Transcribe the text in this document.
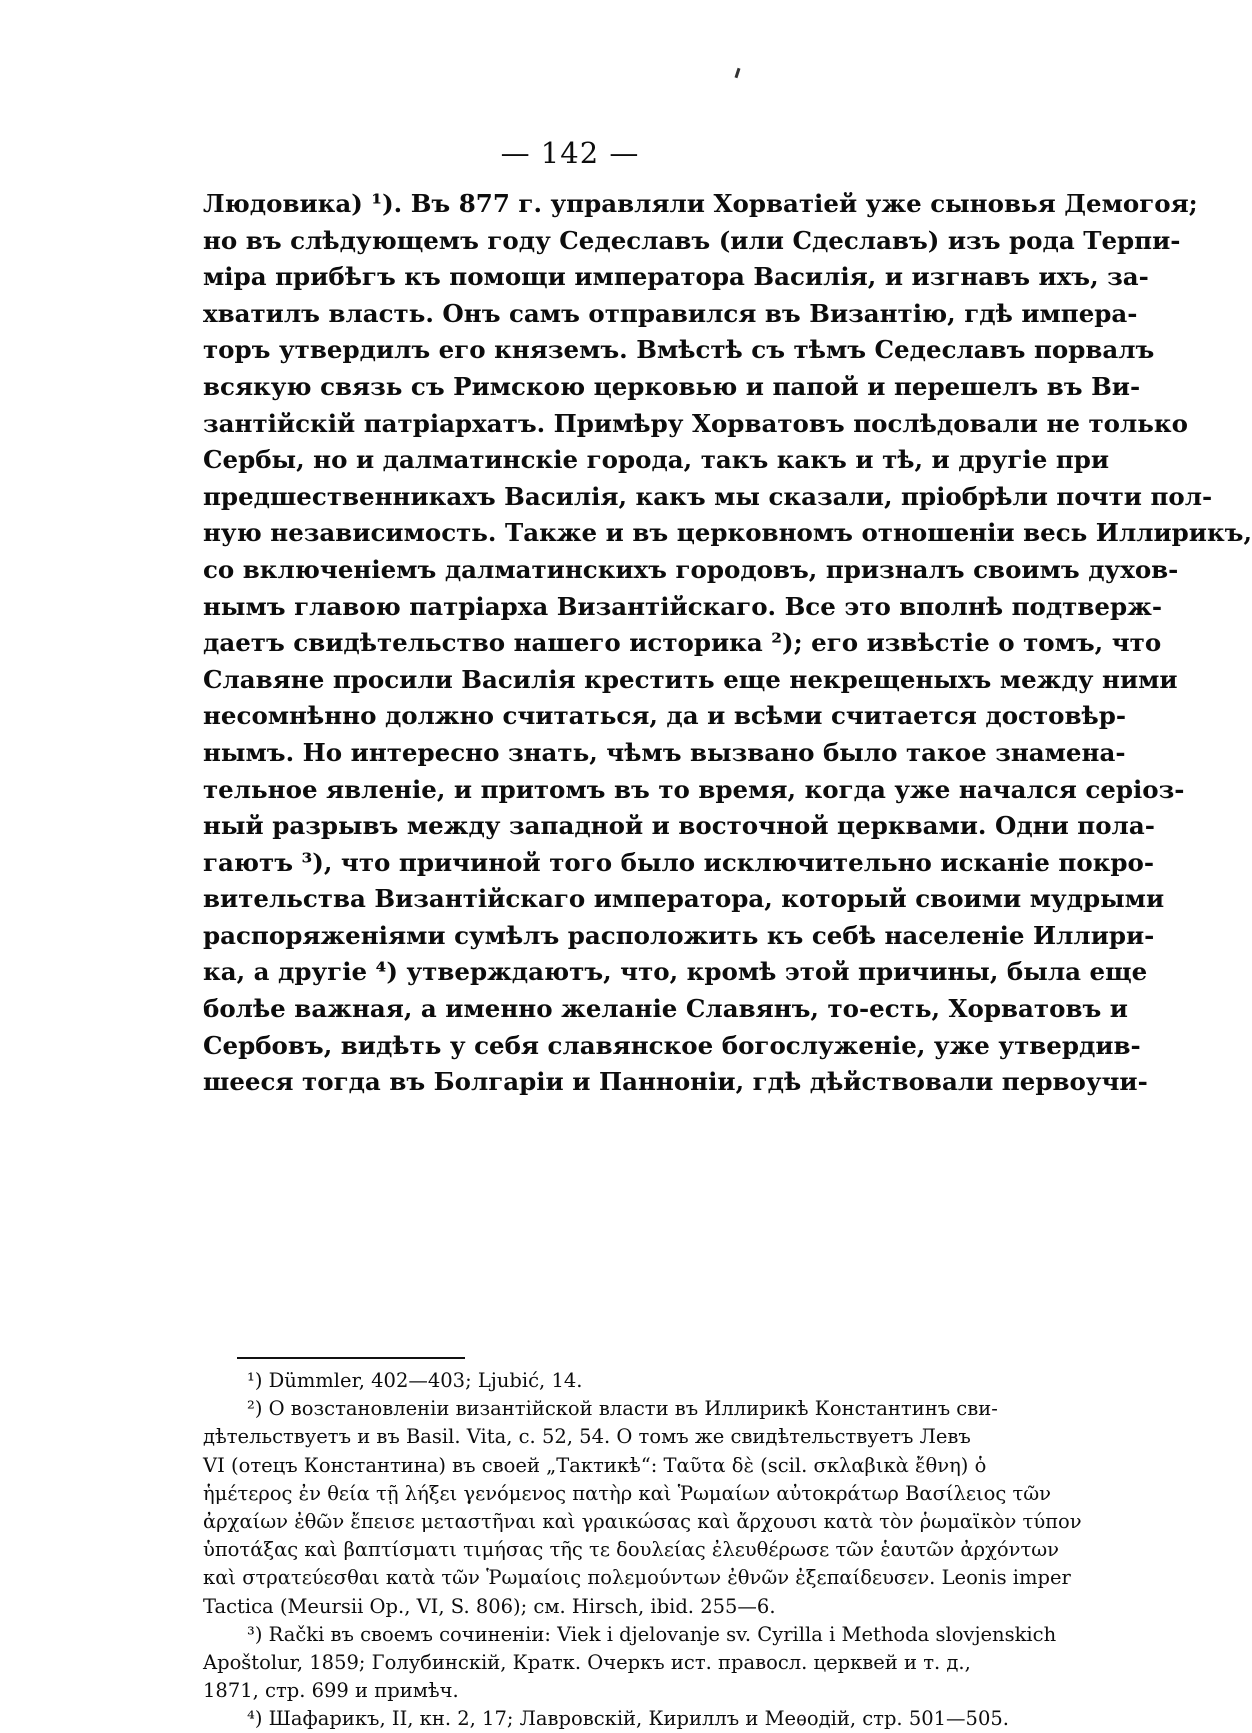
— 142 —
Людовика) ¹). Въ 877 г. управляли Хорватіей уже сыновья Демогоя;
но въ слѣдующемъ году Седеславъ (или Сдеславъ) изъ рода Терпи-
міра прибѣгъ къ помощи императора Василія, и изгнавъ ихъ, за-
хватилъ власть. Онъ самъ отправился въ Византію, гдѣ импера-
торъ утвердилъ его княземъ. Вмѣстѣ съ тѣмъ Седеславъ порвалъ
всякую связь съ Римскою церковью и папой и перешелъ въ Ви-
зантійскій патріархатъ. Примѣру Хорватовъ послѣдовали не только
Сербы, но и далматинскіе города, такъ какъ и тѣ, и другіе при
предшественникахъ Василія, какъ мы сказали, пріобрѣли почти пол-
ную независимость. Также и въ церковномъ отношеніи весь Иллирикъ,
со включеніемъ далматинскихъ городовъ, призналъ своимъ духов-
нымъ главою патріарха Византійскаго. Все это вполнѣ подтверж-
даетъ свидѣтельство нашего историка ²); его извѣстіе о томъ, что
Славяне просили Василія крестить еще некрещеныхъ между ними
несомнѣнно должно считаться, да и всѣми считается достовѣр-
нымъ. Но интересно знать, чѣмъ вызвано было такое знамена-
тельное явленіе, и притомъ въ то время, когда уже начался серіоз-
ный разрывъ между западной и восточной церквами. Одни пола-
гаютъ ³), что причиной того было исключительно исканіе покро-
вительства Византійскаго императора, который своими мудрыми
распоряженіями сумѣлъ расположить къ себѣ населеніе Иллири-
ка, а другіе ⁴) утверждаютъ, что, кромѣ этой причины, была еще
болѣе важная, а именно желаніе Славянъ, то-есть, Хорватовъ и
Сербовъ, видѣть у себя славянское богослуженіе, уже утвердив-
шееся тогда въ Болгаріи и Панноніи, гдѣ дѣйствовали первоучи-
¹) Dümmler, 402—403; Ljubić, 14.
²) О возстановленіи византійской власти въ Иллирикѣ Константинъ сви-
дѣтельствуетъ и въ Basil. Vita, c. 52, 54. О томъ же свидѣтельствуетъ Левъ
VI (отецъ Константина) въ своей „Тактикѣ“: Ταῦτα δὲ (scil. σκλαβικὰ ἔθνη) ὁ
ἡμέτερος ἐν θεία τῇ λήξει γενόμενος πατὴρ καὶ Ῥωμαίων αὐτοκράτωρ Βασίλειος τῶν
ἀρχαίων ἐθῶν ἔπεισε μεταστῆναι καὶ γραικώσας καὶ ἄρχουσι κατὰ τὸν ῥωμαϊκὸν τύπον
ὑποτάξας καὶ βαπτίσματι τιμήσας τῆς τε δουλείας ἐλευθέρωσε τῶν ἑαυτῶν ἀρχόντων
καὶ στρατεύεσθαι κατὰ τῶν Ῥωμαίοις πολεμούντων ἐθνῶν ἐξεπαίδευσεν. Leonis imper
Tactica (Meursii Op., VI, S. 806); см. Hirsch, ibid. 255—6.
³) Rački въ своемъ сочиненіи: Viek i djelovanje sv. Cyrilla i Methoda slovjenskich
Apoštolur, 1859; Голубинскій, Кратк. Очеркъ ист. правосл. церквей и т. д.,
1871, стр. 699 и примѣч.
⁴) Шафарикъ, II, кн. 2, 17; Лавровскій, Кириллъ и Меѳодій, стр. 501—505.
